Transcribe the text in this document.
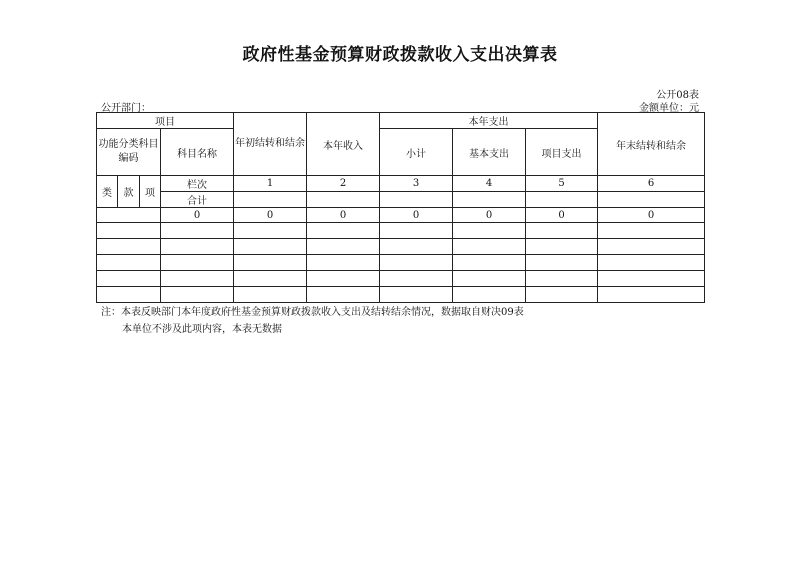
政府性基金预算财政拨款收入支出决算表
公开08表
公开部门：	金额单位：元
项目				年初结转和结余	本年收入	本年支出			年末结转和结余
功能分类科目编码			科目名称			小计	基本支出	项目支出	
类	款	项	栏次	1	2	3	4	5	6
			合计						
			0	0	0	0	0	0	0

注：本表反映部门本年度政府性基金预算财政拨款收入支出及结转结余情况，数据取自财决09表
本单位不涉及此项内容，本表无数据
